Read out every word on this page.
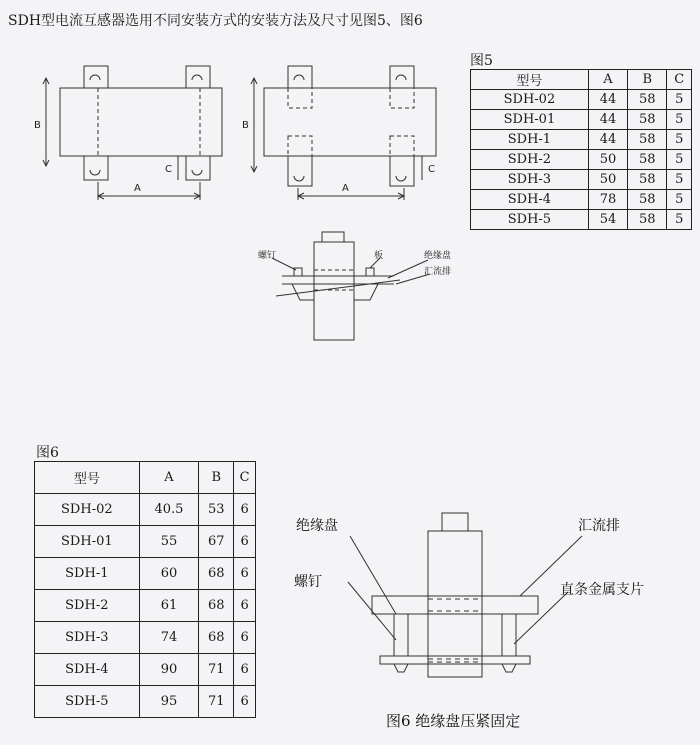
SDH型电流互感器选用不同安装方式的安装方法及尺寸见图5、图6
图5
型号	A	B	C
SDH-02	44	58	5
SDH-01	44	58	5
SDH-1	44	58	5
SDH-2	50	58	5
SDH-3	50	58	5
SDH-4	78	58	5
SDH-5	54	58	5
图6
型号	A	B	C
SDH-02	40.5	53	6
SDH-01	55	67	6
SDH-1	60	68	6
SDH-2	61	68	6
SDH-3	74	68	6
SDH-4	90	71	6
SDH-5	95	71	6
B
A
C
B
A
C
螺钉	板	绝缘盘
汇流排
绝缘盘	汇流排
螺钉	直条金属支片
图6 绝缘盘压紧固定
